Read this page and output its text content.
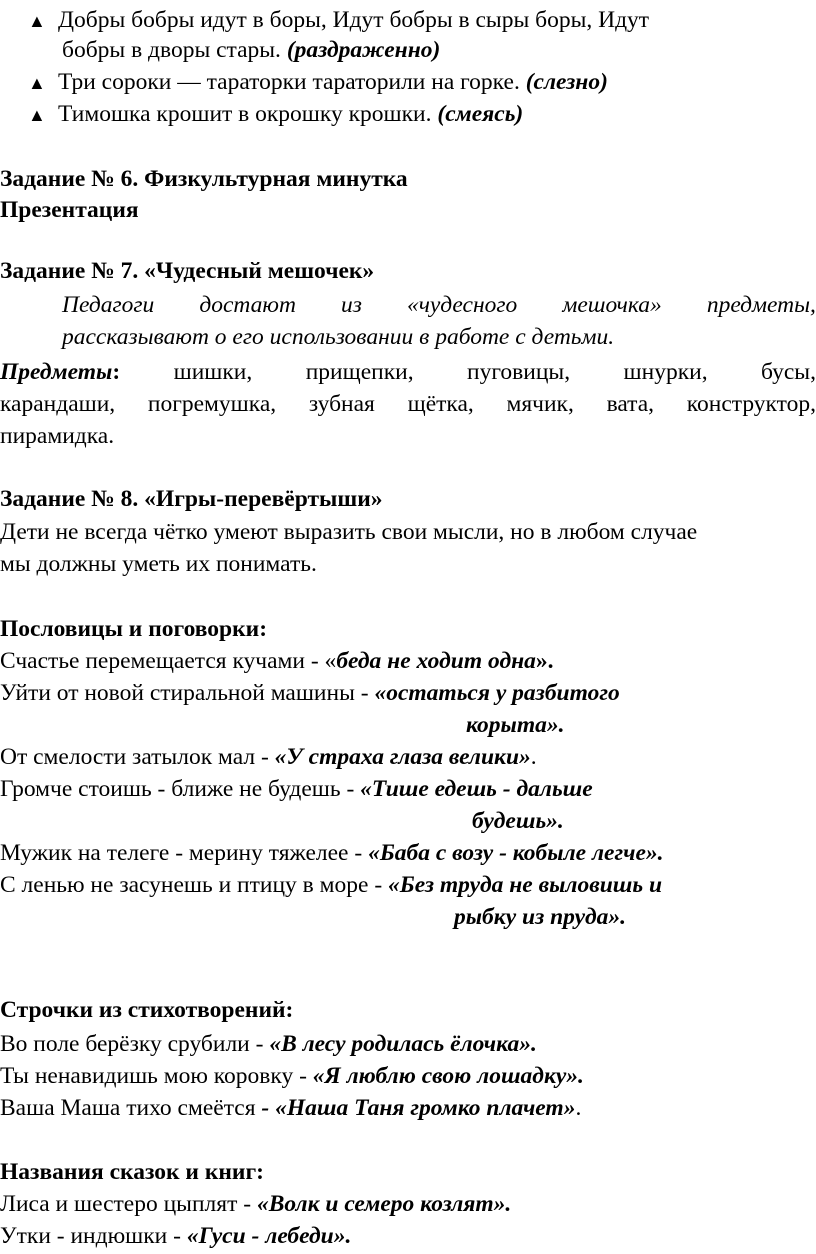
▲ Добры бобры идут в боры, Идут бобры в сыры боры, Идут
бобры в дворы стары. (раздраженно)
▲ Три сороки — тараторки тараторили на горке. (слезно)
▲ Тимошка крошит в окрошку крошки. (смеясь)
Задание № 6. Физкультурная минутка
Презентация
Задание № 7. «Чудесный мешочек»
Педагоги достают из «чудесного мешочка» предметы,
рассказывают о его использовании в работе с детьми.
Предметы: шишки, прищепки, пуговицы, шнурки, бусы,
карандаши, погремушка, зубная щётка, мячик, вата, конструктор,
пирамидка.
Задание № 8. «Игры-перевёртыши»
Дети не всегда чётко умеют выразить свои мысли, но в любом случае
мы должны уметь их понимать.
Пословицы и поговорки:
Счастье перемещается кучами - «беда не ходит одна».
Уйти от новой стиральной машины - «остаться у разбитого
корыта».
От смелости затылок мал - «У страха глаза велики».
Громче стоишь - ближе не будешь - «Тише едешь - дальше
будешь».
Мужик на телеге - мерину тяжелее - «Баба с возу - кобыле легче».
С ленью не засунешь и птицу в море - «Без труда не выловишь и
рыбку из пруда».
Строчки из стихотворений:
Во поле берёзку срубили - «В лесу родилась ёлочка».
Ты ненавидишь мою коровку - «Я люблю свою лошадку».
Ваша Маша тихо смеётся - «Наша Таня громко плачет».
Названия сказок и книг:
Лиса и шестеро цыплят - «Волк и семеро козлят».
Утки - индюшки - «Гуси - лебеди».
